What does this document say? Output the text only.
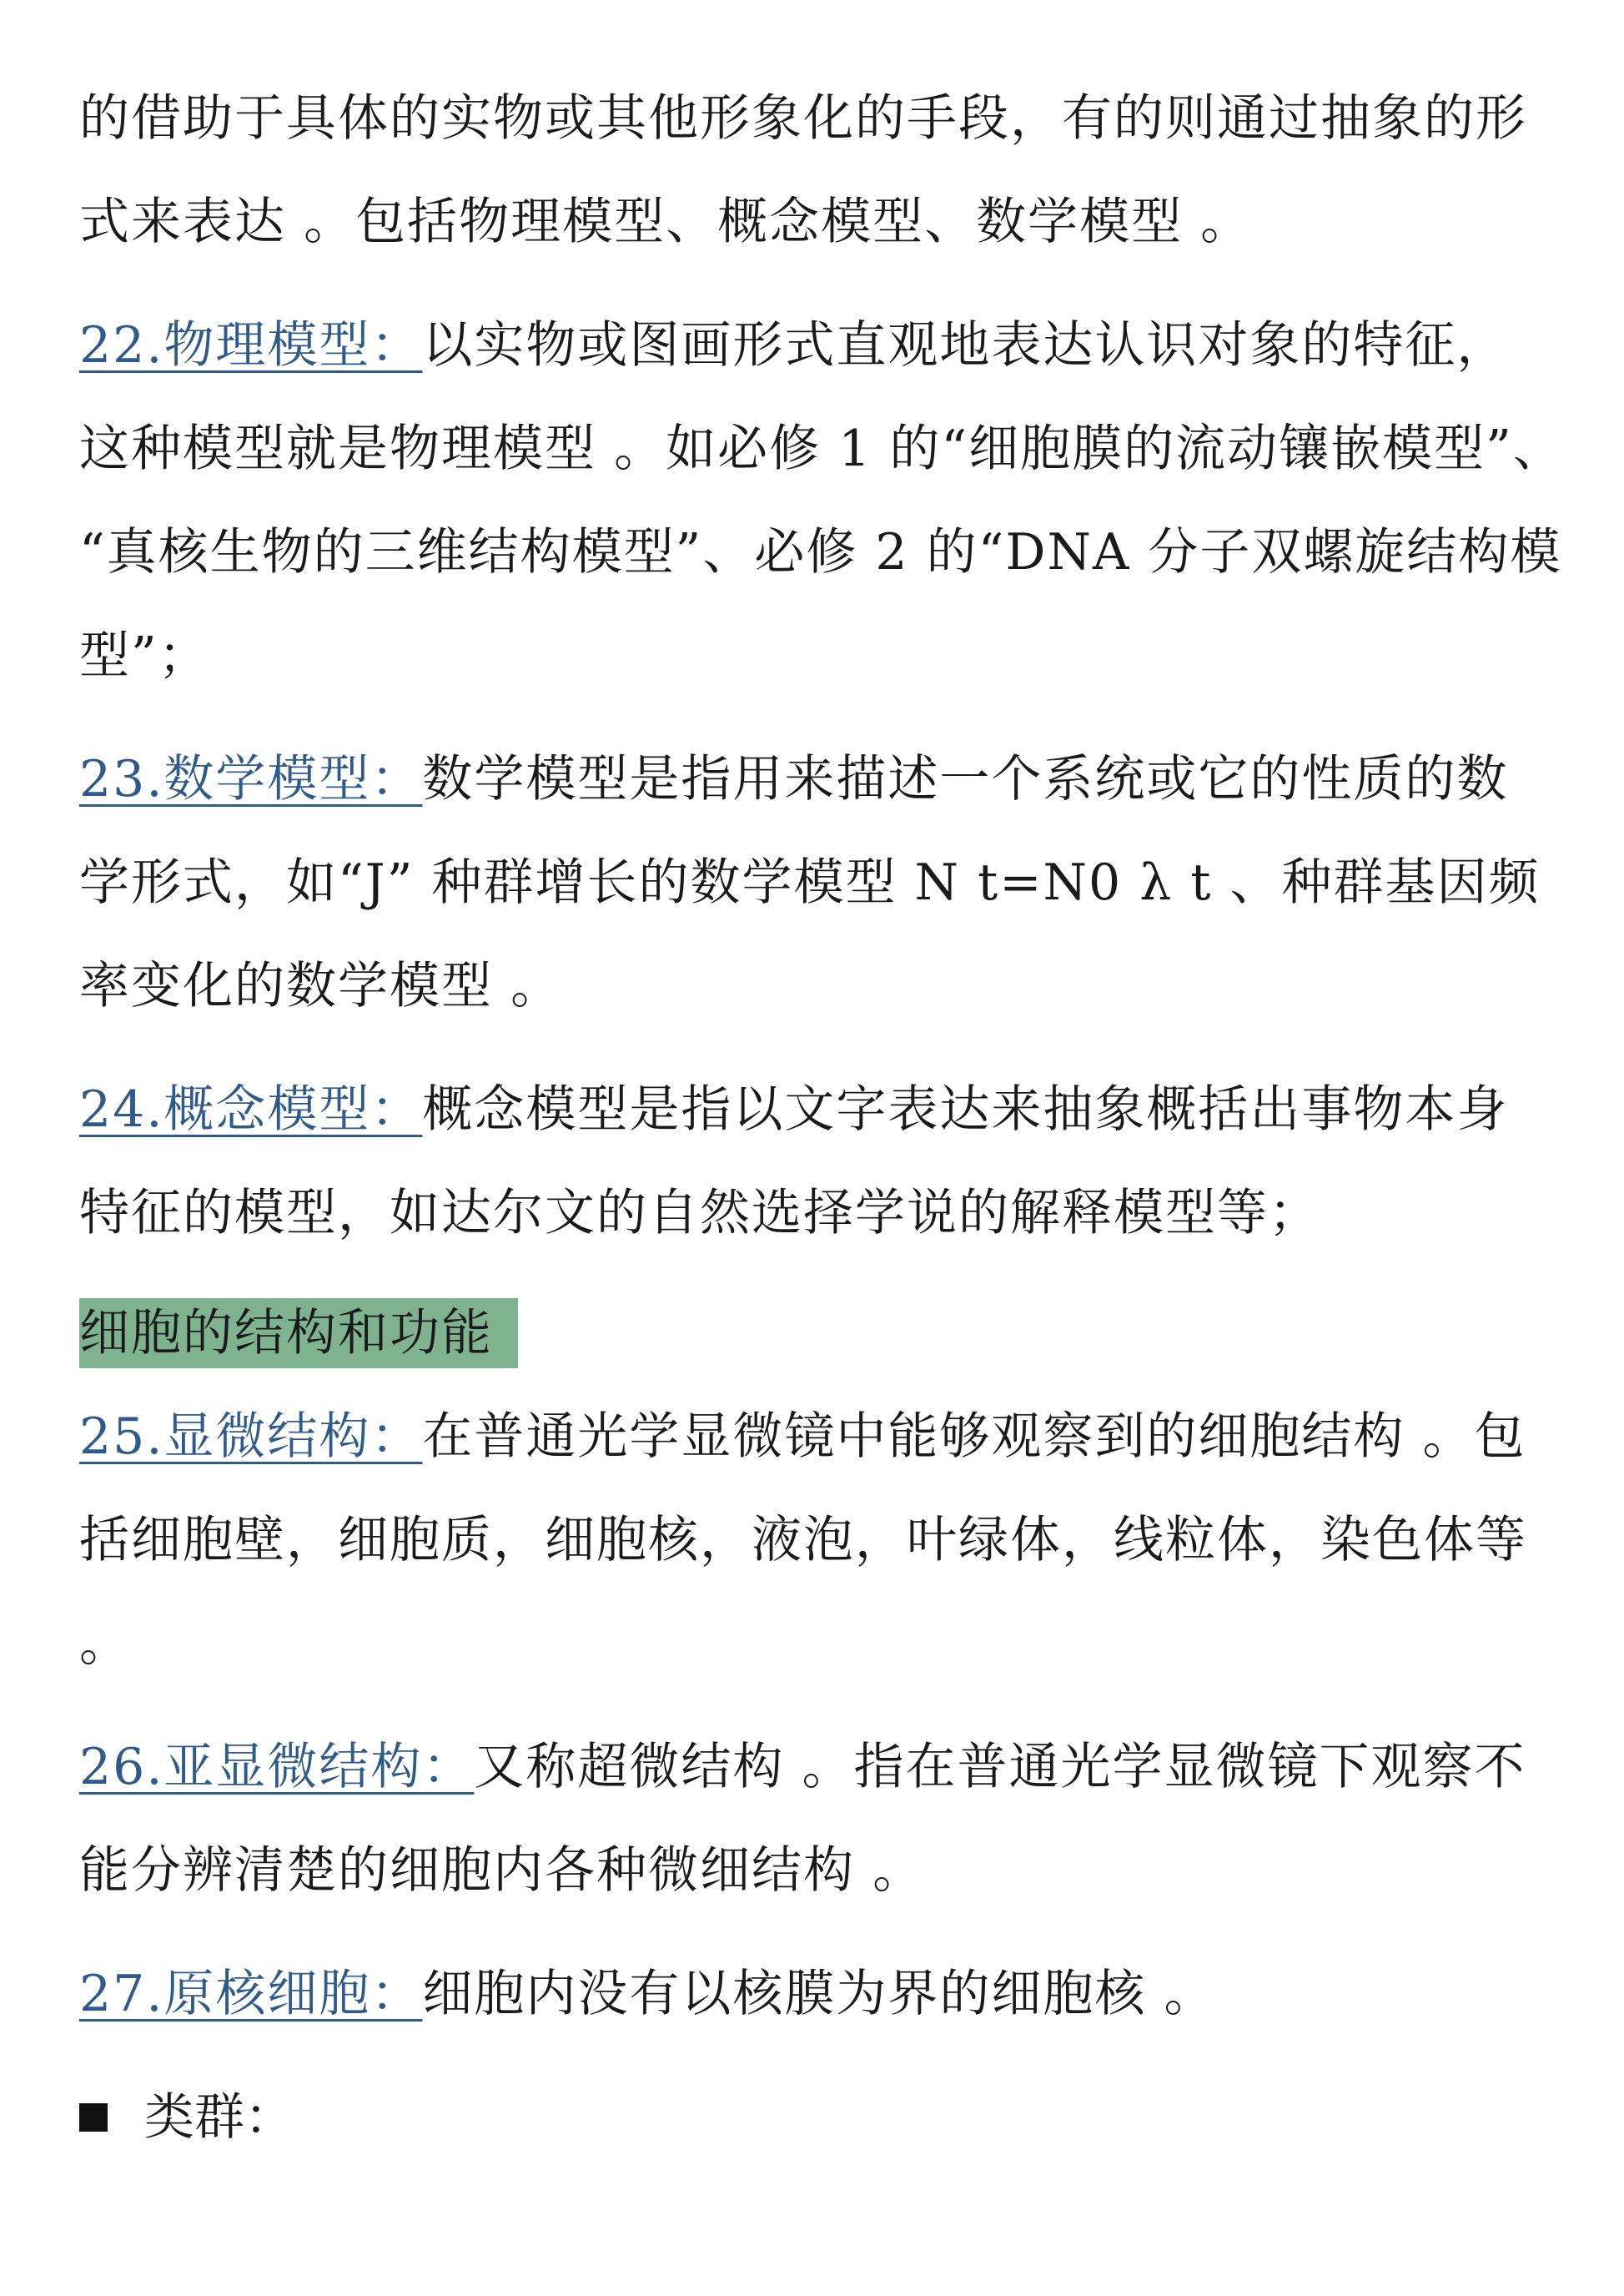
的借助于具体的实物或其他形象化的手段，有的则通过抽象的形
式来表达 。包括物理模型、概念模型、数学模型 。

22.物理模型：以实物或图画形式直观地表达认识对象的特征，
这种模型就是物理模型 。如必修 1 的“细胞膜的流动镶嵌模型”、
“真核生物的三维结构模型”、必修 2 的“DNA 分子双螺旋结构模
型”；

23.数学模型：数学模型是指用来描述一个系统或它的性质的数
学形式，如“J” 种群增长的数学模型 N t=N0 λ t 、种群基因频
率变化的数学模型 。

24.概念模型：概念模型是指以文字表达来抽象概括出事物本身
特征的模型，如达尔文的自然选择学说的解释模型等；

细胞的结构和功能

25.显微结构：在普通光学显微镜中能够观察到的细胞结构 。包
括细胞壁，细胞质，细胞核，液泡，叶绿体，线粒体，染色体等 。

26.亚显微结构：又称超微结构 。指在普通光学显微镜下观察不
能分辨清楚的细胞内各种微细结构 。

27.原核细胞：细胞内没有以核膜为界的细胞核 。

类群：
